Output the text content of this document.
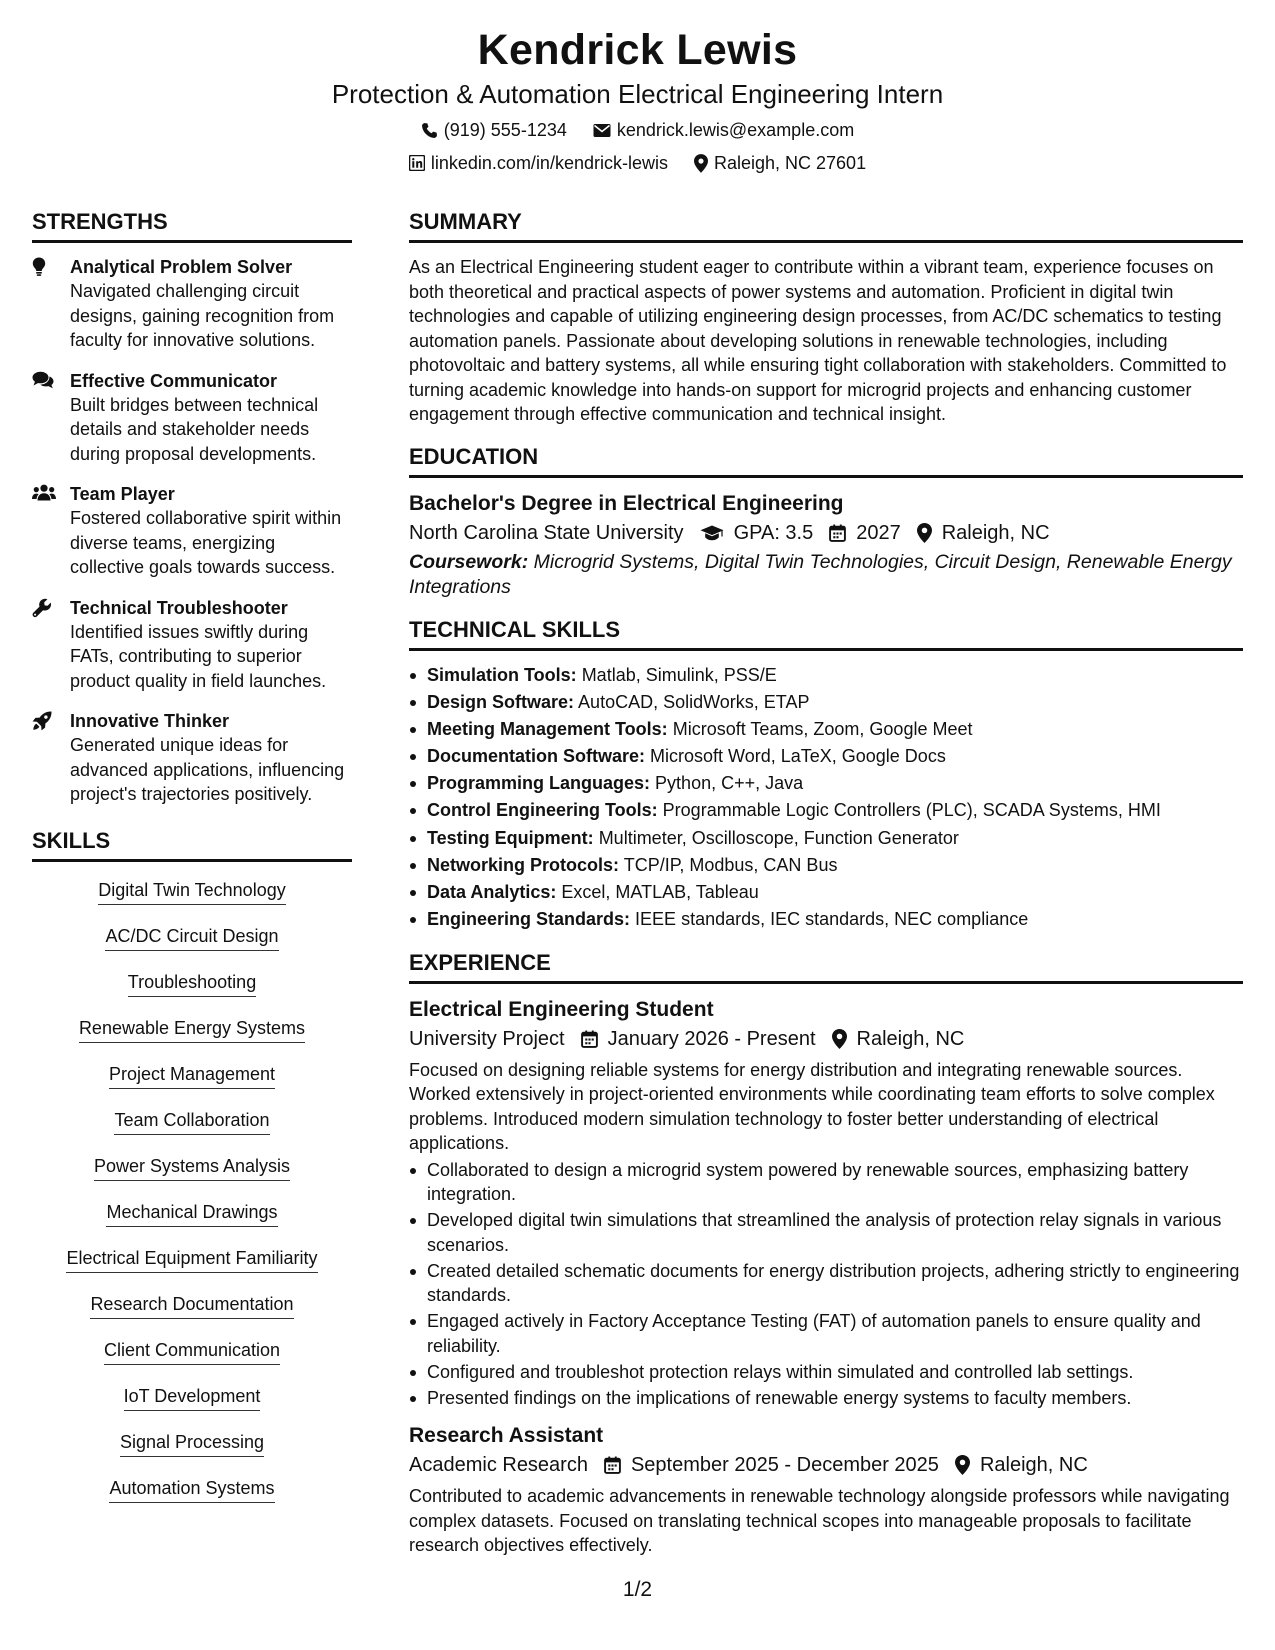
Kendrick Lewis
Protection & Automation Electrical Engineering Intern
(919) 555-1234	kendrick.lewis@example.com
linkedin.com/in/kendrick-lewis	Raleigh, NC 27601
STRENGTHS
Analytical Problem Solver
Navigated challenging circuit designs, gaining recognition from faculty for innovative solutions.
Effective Communicator
Built bridges between technical details and stakeholder needs during proposal developments.
Team Player
Fostered collaborative spirit within diverse teams, energizing collective goals towards success.
Technical Troubleshooter
Identified issues swiftly during FATs, contributing to superior product quality in field launches.
Innovative Thinker
Generated unique ideas for advanced applications, influencing project's trajectories positively.
SKILLS
Digital Twin Technology
AC/DC Circuit Design
Troubleshooting
Renewable Energy Systems
Project Management
Team Collaboration
Power Systems Analysis
Mechanical Drawings
Electrical Equipment Familiarity
Research Documentation
Client Communication
IoT Development
Signal Processing
Automation Systems
SUMMARY
As an Electrical Engineering student eager to contribute within a vibrant team, experience focuses on both theoretical and practical aspects of power systems and automation. Proficient in digital twin technologies and capable of utilizing engineering design processes, from AC/DC schematics to testing automation panels. Passionate about developing solutions in renewable technologies, including photovoltaic and battery systems, all while ensuring tight collaboration with stakeholders. Committed to turning academic knowledge into hands-on support for microgrid projects and enhancing customer engagement through effective communication and technical insight.
EDUCATION
Bachelor's Degree in Electrical Engineering
North Carolina State University	GPA: 3.5 2027 Raleigh, NC
Coursework: Microgrid Systems, Digital Twin Technologies, Circuit Design, Renewable Energy Integrations
TECHNICAL SKILLS
Simulation Tools: Matlab, Simulink, PSS/E
Design Software: AutoCAD, SolidWorks, ETAP
Meeting Management Tools: Microsoft Teams, Zoom, Google Meet
Documentation Software: Microsoft Word, LaTeX, Google Docs
Programming Languages: Python, C++, Java
Control Engineering Tools: Programmable Logic Controllers (PLC), SCADA Systems, HMI
Testing Equipment: Multimeter, Oscilloscope, Function Generator
Networking Protocols: TCP/IP, Modbus, CAN Bus
Data Analytics: Excel, MATLAB, Tableau
Engineering Standards: IEEE standards, IEC standards, NEC compliance
EXPERIENCE
Electrical Engineering Student
University Project January 2026 - Present Raleigh, NC
Focused on designing reliable systems for energy distribution and integrating renewable sources. Worked extensively in project-oriented environments while coordinating team efforts to solve complex problems. Introduced modern simulation technology to foster better understanding of electrical applications.
Collaborated to design a microgrid system powered by renewable sources, emphasizing battery integration.
Developed digital twin simulations that streamlined the analysis of protection relay signals in various scenarios.
Created detailed schematic documents for energy distribution projects, adhering strictly to engineering standards.
Engaged actively in Factory Acceptance Testing (FAT) of automation panels to ensure quality and reliability.
Configured and troubleshot protection relays within simulated and controlled lab settings.
Presented findings on the implications of renewable energy systems to faculty members.
Research Assistant
Academic Research September 2025 - December 2025 Raleigh, NC
Contributed to academic advancements in renewable technology alongside professors while navigating complex datasets. Focused on translating technical scopes into manageable proposals to facilitate research objectives effectively.
1/2
